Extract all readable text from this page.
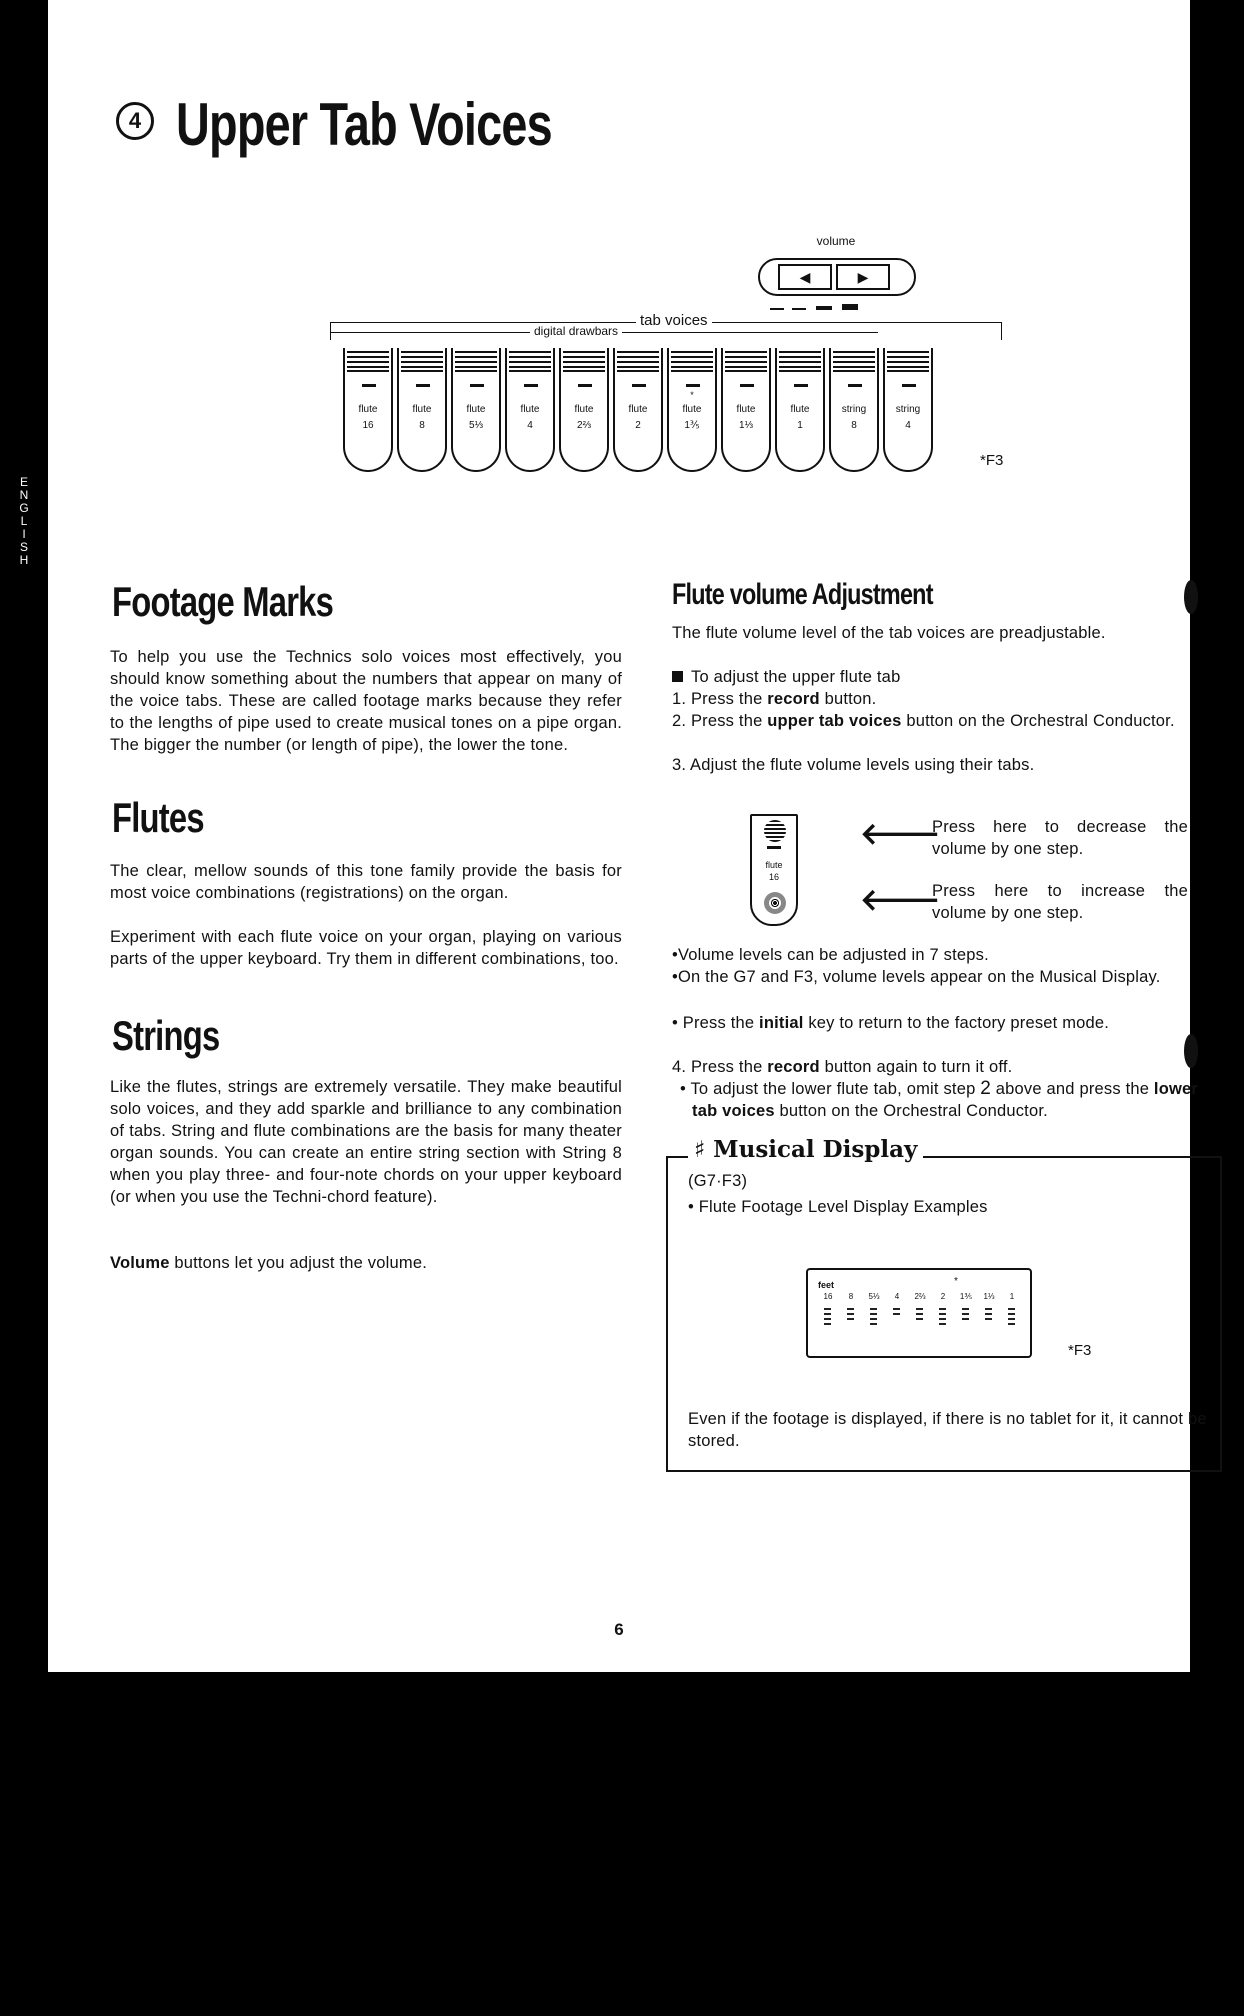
4 Upper Tab Voices
volume
◀	▶
tab voices
digital drawbars
*F3
Footage Marks
To help you use the Technics solo voices most effectively, you should know something about the numbers that appear on many of the voice tabs. These are called footage marks because they refer to the lengths of pipe used to create musical tones on a pipe organ. The bigger the number (or length of pipe), the lower the tone.
Flutes
The clear, mellow sounds of this tone family provide the basis for most voice combinations (registrations) on the organ.
Experiment with each flute voice on your organ, playing on various parts of the upper keyboard. Try them in different combinations, too.
Strings
Like the flutes, strings are extremely versatile. They make beautiful solo voices, and they add sparkle and brilliance to any combination of tabs. String and flute combinations are the basis for many theater organ sounds. You can create an entire string section with String 8 when you play three- and four-note chords on your upper keyboard (or when you use the Techni-chord feature).
Volume buttons let you adjust the volume.
Flute volume Adjustment
The flute volume level of the tab voices are preadjustable.
To adjust the upper flute tab
1. Press the record button.
2. Press the upper tab voices button on the Orchestral Conductor.
3. Adjust the flute volume levels using their tabs.
flute
16
🡐
🡐
Press here to decrease the volume by one step.
Press here to increase the volume by one step.
•Volume levels can be adjusted in 7 steps.
•On the G7 and F3, volume levels appear on the Musical Display.
• Press the initial key to return to the factory preset mode.
4. Press the record button again to turn it off.
• To adjust the lower flute tab, omit step 2 above and press the lower tab voices button on the Orchestral Conductor.
♯ Musical Display
(G7·F3)
• Flute Footage Level Display Examples
feet	*
16	8	5⅓	4	2⅔	2	1⅗	1⅓	1
*F3
Even if the footage is displayed, if there is no tablet for it, it cannot be stored.
6
flute
16
flute
8
flute
5⅓
flute
4
flute
2⅔
flute
2
*
flute
1⅗
flute
1⅓
flute
1
string
8
string
4
E
N
G
L
I
S
H
